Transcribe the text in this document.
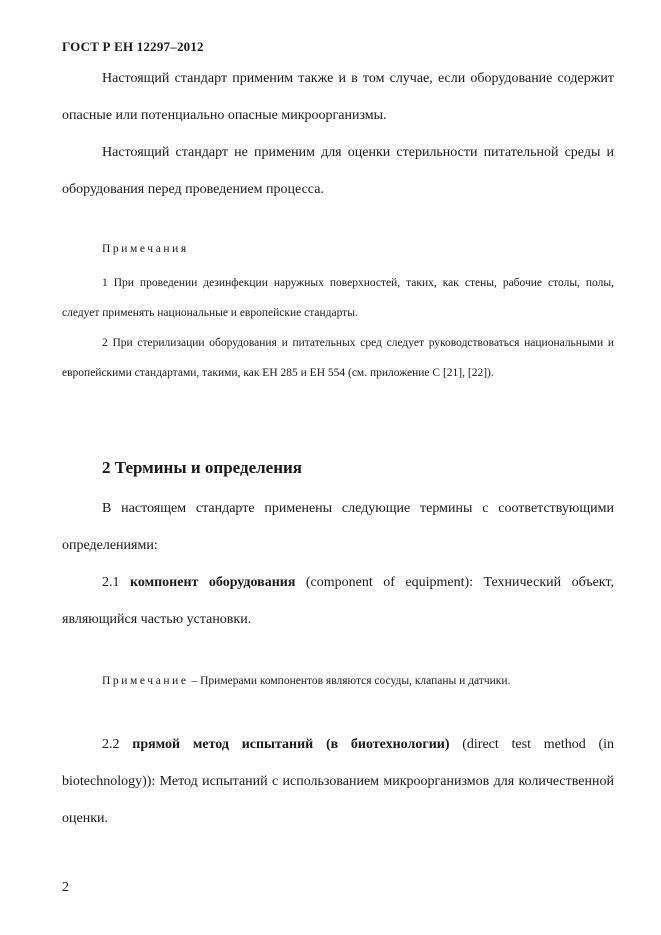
ГОСТ Р ЕН 12297–2012

Настоящий стандарт применим также и в том случае, если оборудование содержит опасные или потенциально опасные микроорганизмы.

Настоящий стандарт не применим для оценки стерильности питательной среды и оборудования перед проведением процесса.

Примечания

1 При проведении дезинфекции наружных поверхностей, таких, как стены, рабочие столы, полы, следует применять национальные и европейские стандарты.

2 При стерилизации оборудования и питательных сред следует руководствоваться национальными и европейскими стандартами, такими, как ЕН 285 и ЕН 554 (см. приложение C [21], [22]).

2 Термины и определения

В настоящем стандарте применены следующие термины с соответствующими определениями:

2.1 компонент оборудования (component of equipment): Технический объект, являющийся частью установки.

Примечание – Примерами компонентов являются сосуды, клапаны и датчики.

2.2 прямой метод испытаний (в биотехнологии) (direct test method (in biotechnology)): Метод испытаний с использованием микроорганизмов для количественной оценки.

2
